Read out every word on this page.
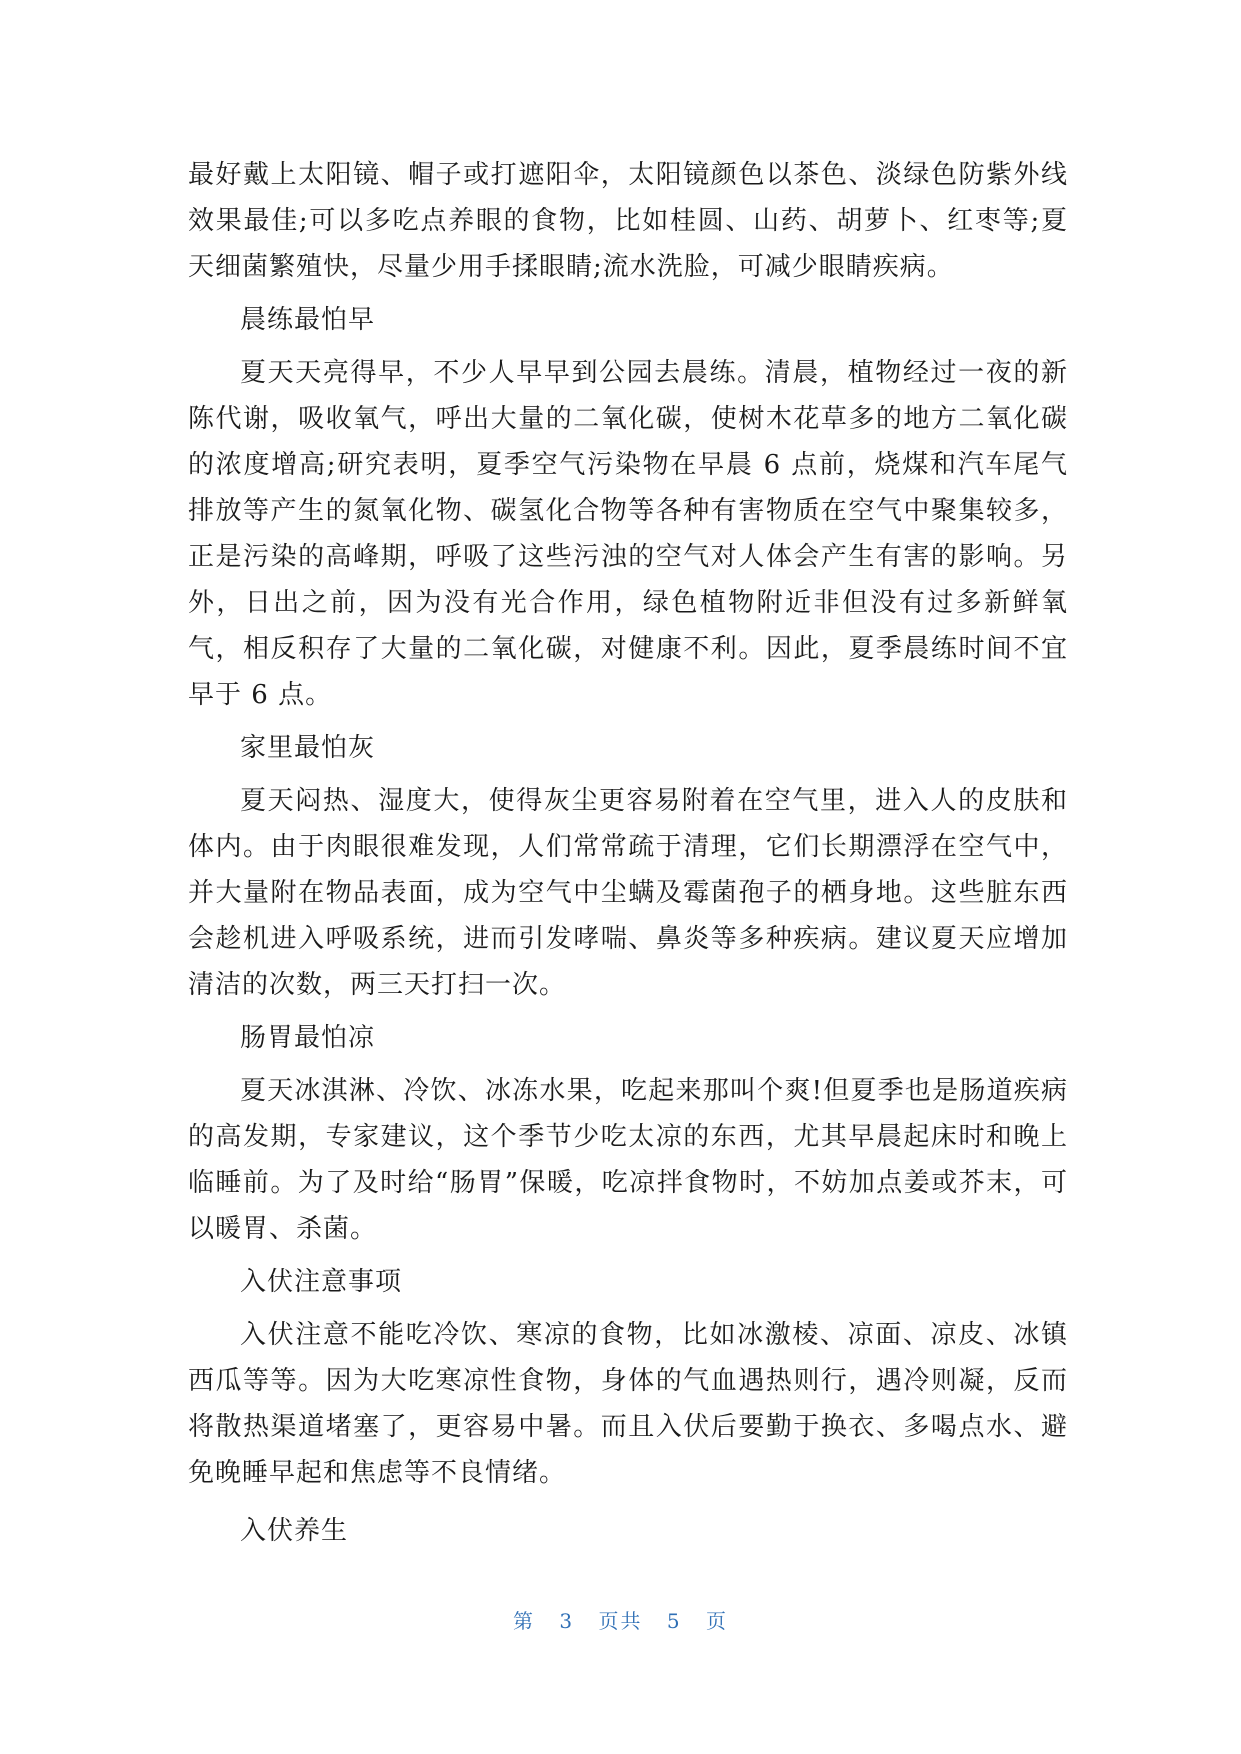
最好戴上太阳镜、帽子或打遮阳伞，太阳镜颜色以茶色、淡绿色防紫外线效果最佳;可以多吃点养眼的食物，比如桂圆、山药、胡萝卜、红枣等;夏天细菌繁殖快，尽量少用手揉眼睛;流水洗脸，可减少眼睛疾病。

晨练最怕早

夏天天亮得早，不少人早早到公园去晨练。清晨，植物经过一夜的新陈代谢，吸收氧气，呼出大量的二氧化碳，使树木花草多的地方二氧化碳的浓度增高;研究表明，夏季空气污染物在早晨 6 点前，烧煤和汽车尾气排放等产生的氮氧化物、碳氢化合物等各种有害物质在空气中聚集较多，正是污染的高峰期，呼吸了这些污浊的空气对人体会产生有害的影响。另外，日出之前，因为没有光合作用，绿色植物附近非但没有过多新鲜氧气，相反积存了大量的二氧化碳，对健康不利。因此，夏季晨练时间不宜早于 6 点。

家里最怕灰

夏天闷热、湿度大，使得灰尘更容易附着在空气里，进入人的皮肤和体内。由于肉眼很难发现，人们常常疏于清理，它们长期漂浮在空气中，并大量附在物品表面，成为空气中尘螨及霉菌孢子的栖身地。这些脏东西会趁机进入呼吸系统，进而引发哮喘、鼻炎等多种疾病。建议夏天应增加清洁的次数，两三天打扫一次。

肠胃最怕凉

夏天冰淇淋、冷饮、冰冻水果，吃起来那叫个爽!但夏季也是肠道疾病的高发期，专家建议，这个季节少吃太凉的东西，尤其早晨起床时和晚上临睡前。为了及时给“肠胃”保暖，吃凉拌食物时，不妨加点姜或芥末，可以暖胃、杀菌。

入伏注意事项

入伏注意不能吃冷饮、寒凉的食物，比如冰激棱、凉面、凉皮、冰镇西瓜等等。因为大吃寒凉性食物，身体的气血遇热则行，遇冷则凝，反而将散热渠道堵塞了，更容易中暑。而且入伏后要勤于换衣、多喝点水、避免晚睡早起和焦虑等不良情绪。

入伏养生
第 3 页共 5 页
